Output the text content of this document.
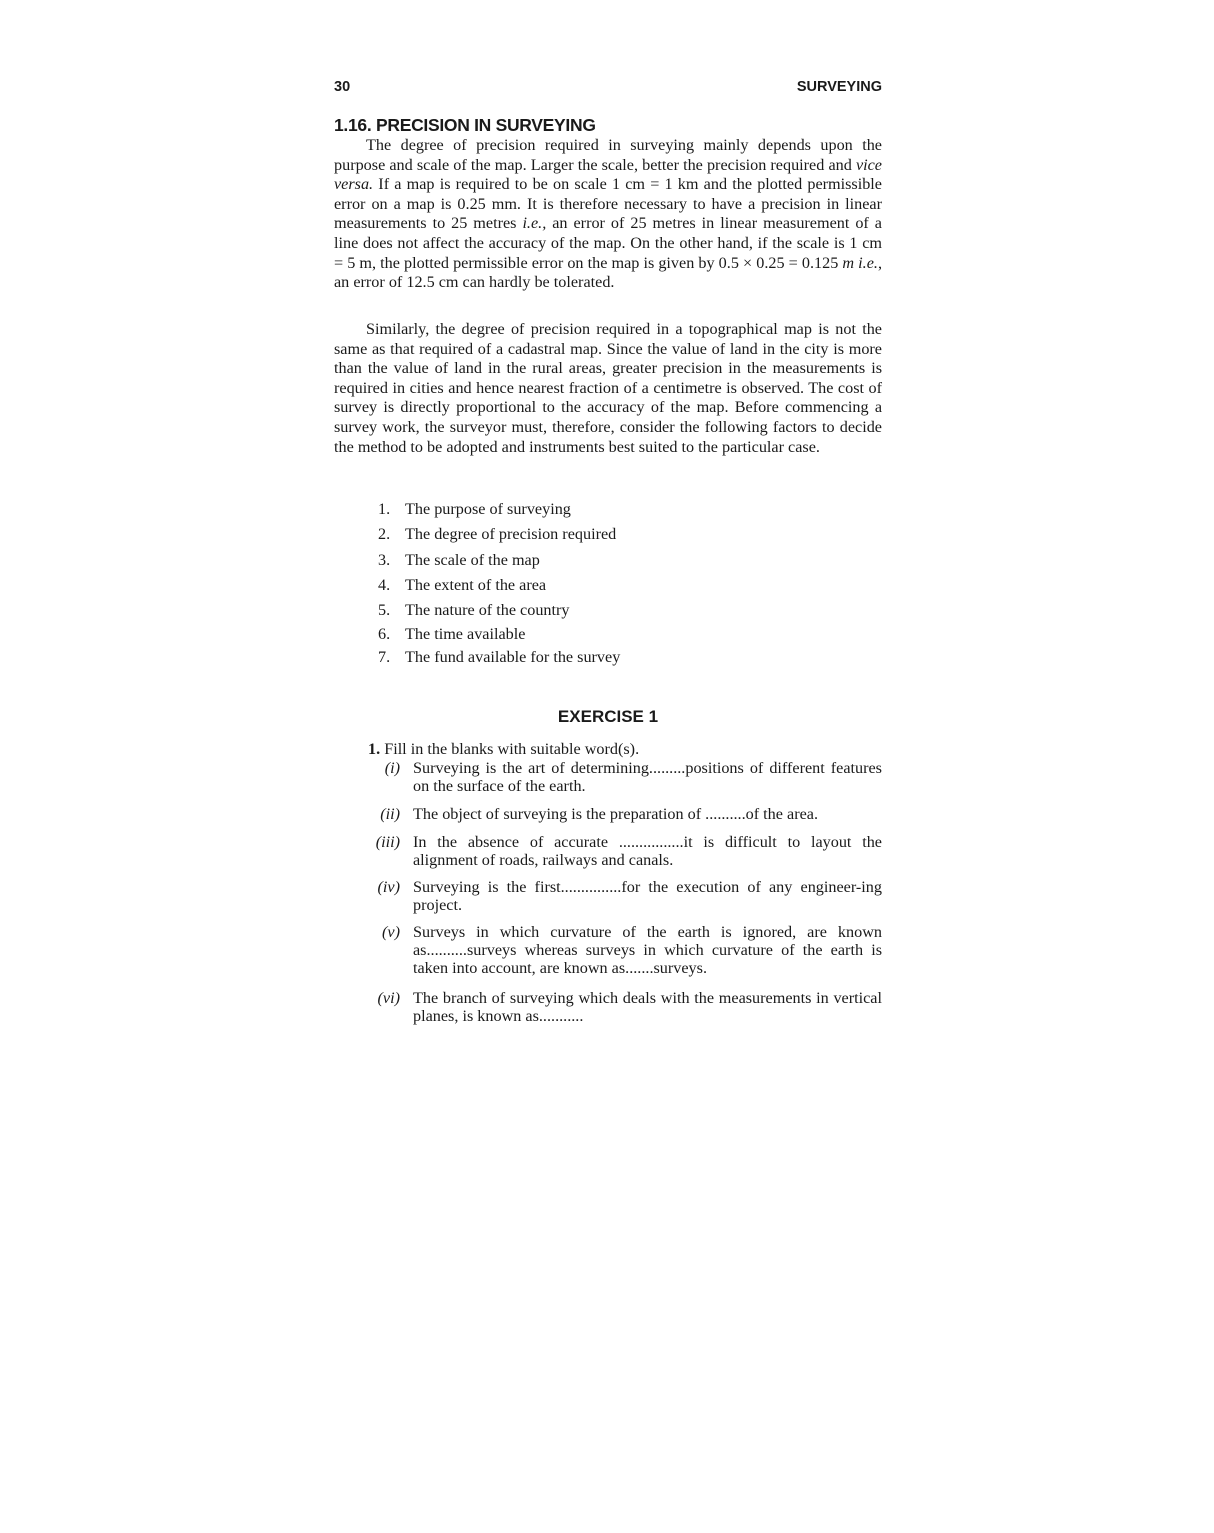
30	SURVEYING
1.16. PRECISION IN SURVEYING

The degree of precision required in surveying mainly depends upon the purpose and scale of the map. Larger the scale, better the precision required and vice versa. If a map is required to be on scale 1 cm = 1 km and the plotted permissible error on a map is 0.25 mm. It is therefore necessary to have a precision in linear measurements to 25 metres i.e., an error of 25 metres in linear measurement of a line does not affect the accuracy of the map. On the other hand, if the scale is 1 cm = 5 m, the plotted permissible error on the map is given by 0.5 × 0.25 = 0.125 m i.e., an error of 12.5 cm can hardly be tolerated.

Similarly, the degree of precision required in a topographical map is not the same as that required of a cadastral map. Since the value of land in the city is more than the value of land in the rural areas, greater precision in the measurements is required in cities and hence nearest fraction of a centimetre is observed. The cost of survey is directly proportional to the accuracy of the map. Before commencing a survey work, the surveyor must, therefore, consider the following factors to decide the method to be adopted and instruments best suited to the particular case.

1. The purpose of surveying
2. The degree of precision required
3. The scale of the map
4. The extent of the area
5. The nature of the country
6. The time available
7. The fund available for the survey
EXERCISE 1
1. Fill in the blanks with suitable word(s).
(i) Surveying is the art of determining.........positions of different features on the surface of the earth.
(ii) The object of surveying is the preparation of ..........of the area.
(iii) In the absence of accurate ................it is difficult to layout the alignment of roads, railways and canals.
(iv) Surveying is the first...............for the execution of any engineer-ing project.
(v) Surveys in which curvature of the earth is ignored, are known as..........surveys whereas surveys in which curvature of the earth is taken into account, are known as.......surveys.
(vi) The branch of surveying which deals with the measurements in vertical planes, is known as...........
